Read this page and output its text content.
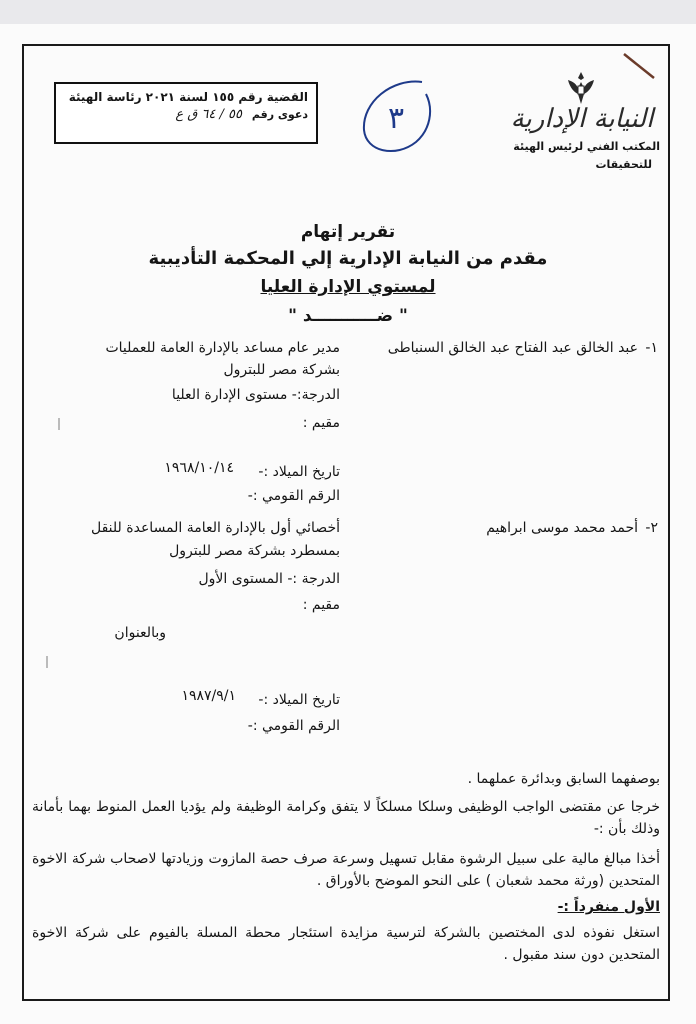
القضية رقم ١٥٥ لسنة ٢٠٢١ رئاسة الهيئة
دعوى رقم ٥٥ / ٦٤ ق ع	٣	النيابة الإدارية
المكتب الفني لرئيس الهيئة
للتحقيقات
تقرير إتهام
مقدم من النيابة الإدارية إلي المحكمة التأديبية
لمستوي الإدارة العليا
" ضـــــــــــد "
١-
عبد الخالق عبد الفتاح عبد الخالق السنباطى
مدير عام مساعد بالإدارة العامة للعمليات
بشركة مصر للبترول
الدرجة:- مستوى الإدارة العليا
مقيم :
تاريخ الميلاد :-
١٩٦٨/١٠/١٤
الرقم القومي :-
٢-
أحمد محمد موسى ابراهيم
أخصائي أول بالإدارة العامة المساعدة للنقل
بمسطرد بشركة مصر للبترول
الدرجة :- المستوى الأول
مقيم :
وبالعنوان
تاريخ الميلاد :-
١٩٨٧/٩/١
الرقم القومي :-
بوصفهما السابق وبدائرة عملهما .
خرجا عن مقتضى الواجب الوظيفى وسلكا مسلكاً لا يتفق وكرامة الوظيفة ولم يؤديا العمل المنوط بهما بأمانة وذلك بأن :-
أخذا مبالغ مالية على سبيل الرشوة مقابل تسهيل وسرعة صرف حصة المازوت وزيادتها لاصحاب شركة الاخوة المتحدين (ورثة محمد شعبان ) على النحو الموضح بالأوراق .
الأول منفرداً :-
استغل نفوذه لدى المختصين بالشركة لترسية مزايدة استئجار محطة المسلة بالفيوم على شركة الاخوة المتحدين دون سند مقبول .
